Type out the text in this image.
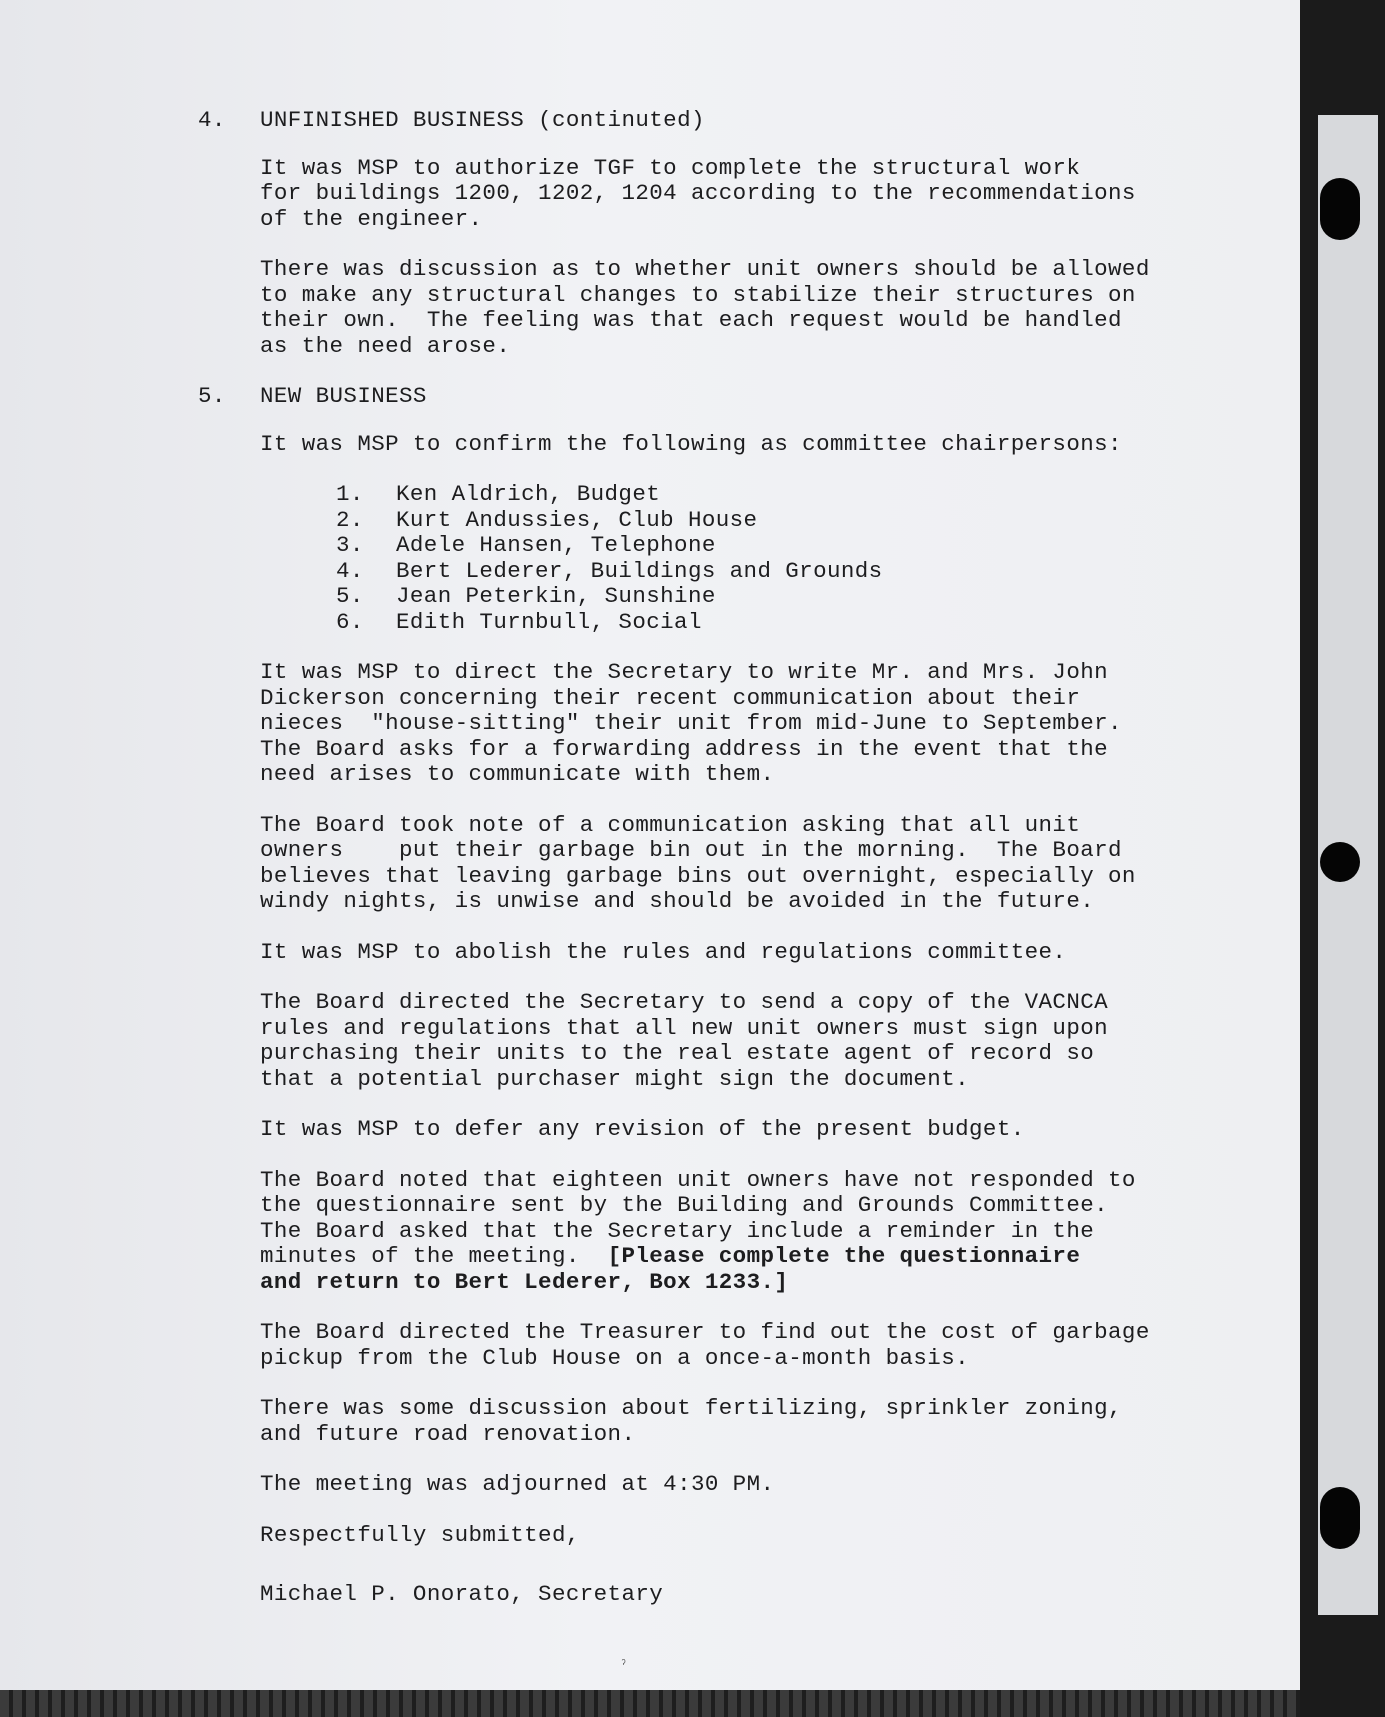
4.	UNFINISHED BUSINESS (continuted)
It was MSP to authorize TGF to complete the structural work
for buildings 1200, 1202, 1204 according to the recommendations
of the engineer.
There was discussion as to whether unit owners should be allowed
to make any structural changes to stabilize their structures on
their own.  The feeling was that each request would be handled
as the need arose.
5.	NEW BUSINESS
It was MSP to confirm the following as committee chairpersons:
1.	Ken Aldrich, Budget
2.	Kurt Andussies, Club House
3.	Adele Hansen, Telephone
4.	Bert Lederer, Buildings and Grounds
5.	Jean Peterkin, Sunshine
6.	Edith Turnbull, Social
It was MSP to direct the Secretary to write Mr. and Mrs. John
Dickerson concerning their recent communication about their
nieces  "house-sitting" their unit from mid-June to September.
The Board asks for a forwarding address in the event that the
need arises to communicate with them.
The Board took note of a communication asking that all unit
owners    put their garbage bin out in the morning.  The Board
believes that leaving garbage bins out overnight, especially on
windy nights, is unwise and should be avoided in the future.
It was MSP to abolish the rules and regulations committee.
The Board directed the Secretary to send a copy of the VACNCA
rules and regulations that all new unit owners must sign upon
purchasing their units to the real estate agent of record so
that a potential purchaser might sign the document.
It was MSP to defer any revision of the present budget.
The Board noted that eighteen unit owners have not responded to
the questionnaire sent by the Building and Grounds Committee.
The Board asked that the Secretary include a reminder in the
minutes of the meeting.  [Please complete the questionnaire
and return to Bert Lederer, Box 1233.]
The Board directed the Treasurer to find out the cost of garbage
pickup from the Club House on a once-a-month basis.
There was some discussion about fertilizing, sprinkler zoning,
and future road renovation.
The meeting was adjourned at 4:30 PM.
Respectfully submitted,
Michael P. Onorato, Secretary
ˀ
